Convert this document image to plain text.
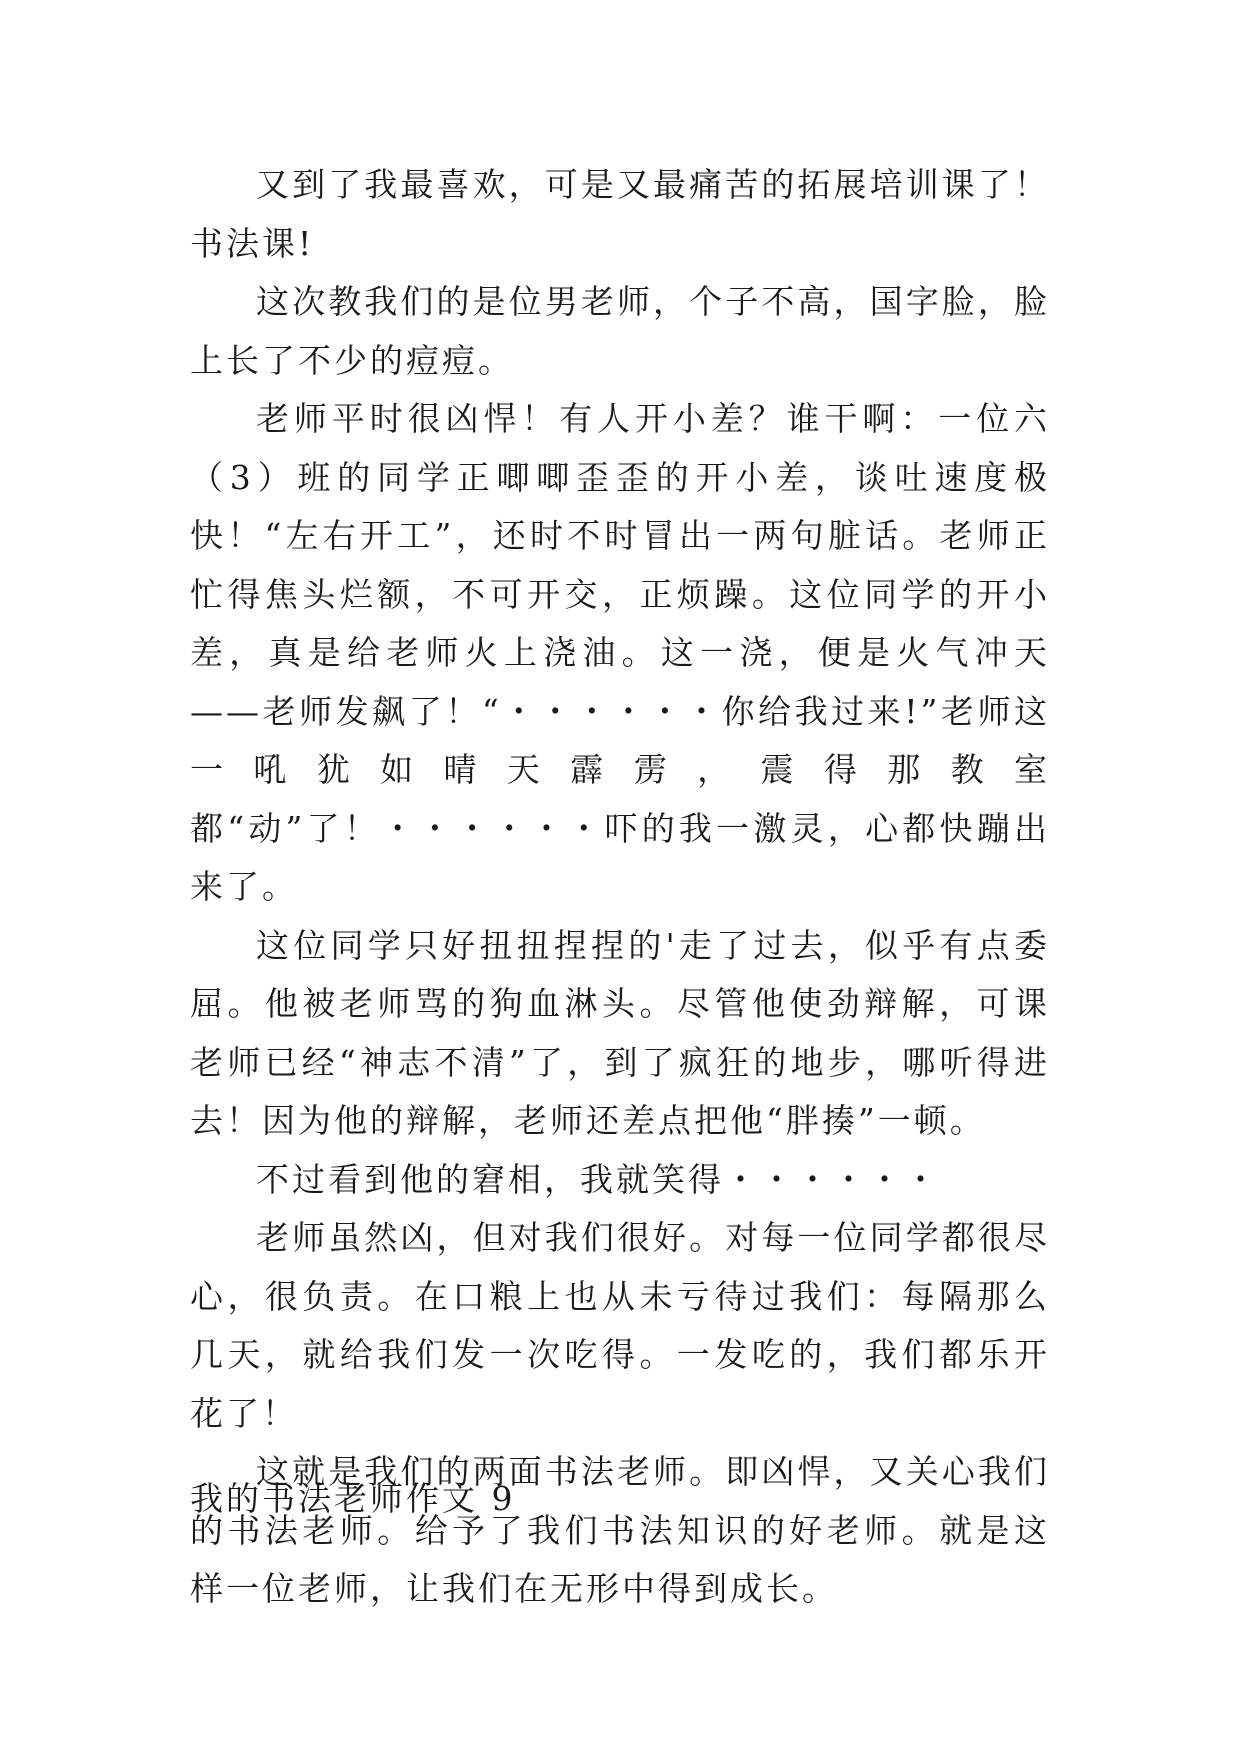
又到了我最喜欢，可是又最痛苦的拓展培训课了！书法课!

这次教我们的是位男老师，个子不高，国字脸，脸上长了不少的痘痘。

老师平时很凶悍！有人开小差？谁干啊：一位六（3）班的同学正唧唧歪歪的开小差，谈吐速度极快！“左右开工”，还时不时冒出一两句脏话。老师正忙得焦头烂额，不可开交，正烦躁。这位同学的开小差，真是给老师火上浇油。这一浇，便是火气冲天——老师发飙了！“・・・・・・你给我过来!”老师这一吼犹如晴天霹雳，震得那教室都“动”了！・・・・・・吓的我一激灵，心都快蹦出来了。

这位同学只好扭扭捏捏的'走了过去，似乎有点委屈。他被老师骂的狗血淋头。尽管他使劲辩解，可课老师已经“神志不清”了，到了疯狂的地步，哪听得进去！因为他的辩解，老师还差点把他“胖揍”一顿。

不过看到他的窘相，我就笑得・・・・・・

老师虽然凶，但对我们很好。对每一位同学都很尽心，很负责。在口粮上也从未亏待过我们：每隔那么几天，就给我们发一次吃得。一发吃的，我们都乐开花了！

这就是我们的两面书法老师。即凶悍，又关心我们的书法老师。给予了我们书法知识的好老师。就是这样一位老师，让我们在无形中得到成长。

我的书法老师作文 9
